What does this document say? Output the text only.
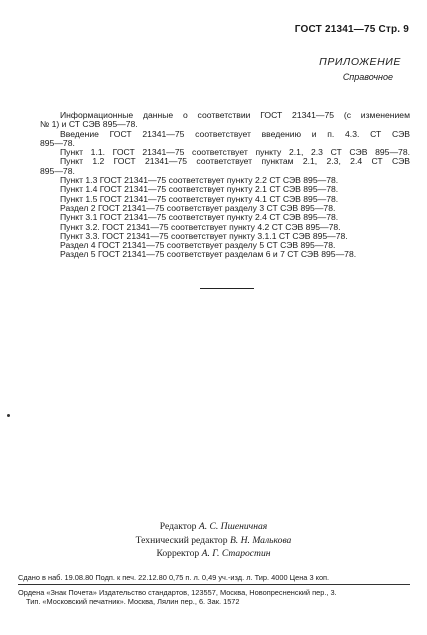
ГОСТ 21341—75 Стр. 9
ПРИЛОЖЕНИЕ
Справочное

Информационные данные о соответствии ГОСТ 21341—75 (с изменением

№ 1) и СТ СЭВ 895—78.

Введение ГОСТ 21341—75 соответствует введению и п. 4.3. СТ СЭВ

895—78.

Пункт 1.1. ГОСТ 21341—75 соответствует пункту 2.1, 2.3 СТ СЭВ 895—78.

Пункт 1.2 ГОСТ 21341—75 соответствует пунктам 2.1, 2.3, 2.4 СТ СЭВ

895—78.

Пункт 1.3 ГОСТ 21341—75 соответствует пункту 2.2 СТ СЭВ 895—78.

Пункт 1.4 ГОСТ 21341—75 соответствует пункту 2.1 СТ СЭВ 895—78.

Пункт 1.5 ГОСТ 21341—75 соответствует пункту 4.1 СТ СЭВ 895—78.

Раздел 2 ГОСТ 21341—75 соответствует разделу 3 СТ СЭВ 895—78.

Пункт 3.1 ГОСТ 21341—75 соответствует пункту 2.4 СТ СЭВ 895—78.

Пункт 3.2. ГОСТ 21341—75 соответствует пункту 4.2 СТ СЭВ 895—78.

Пункт 3.3. ГОСТ 21341—75 соответствует пункту 3.1.1 СТ СЭВ 895—78.

Раздел 4 ГОСТ 21341—75 соответствует разделу 5 СТ СЭВ 895—78.

Раздел 5 ГОСТ 21341—75 соответствует разделам 6 и 7 СТ СЭВ 895—78.

Редактор А. С. Пшеничная
Технический редактор В. Н. Малькова
Корректор А. Г. Старостин
Сдано в наб. 19.08.80 Подп. к печ. 22.12.80 0,75 п. л. 0,49 уч.-изд. л. Тир. 4000 Цена 3 коп.
Ордена «Знак Почета» Издательство стандартов, 123557, Москва, Новопресненский пер., 3.
Тип. «Московский печатник». Москва, Лялин пер., 6. Зак. 1572
